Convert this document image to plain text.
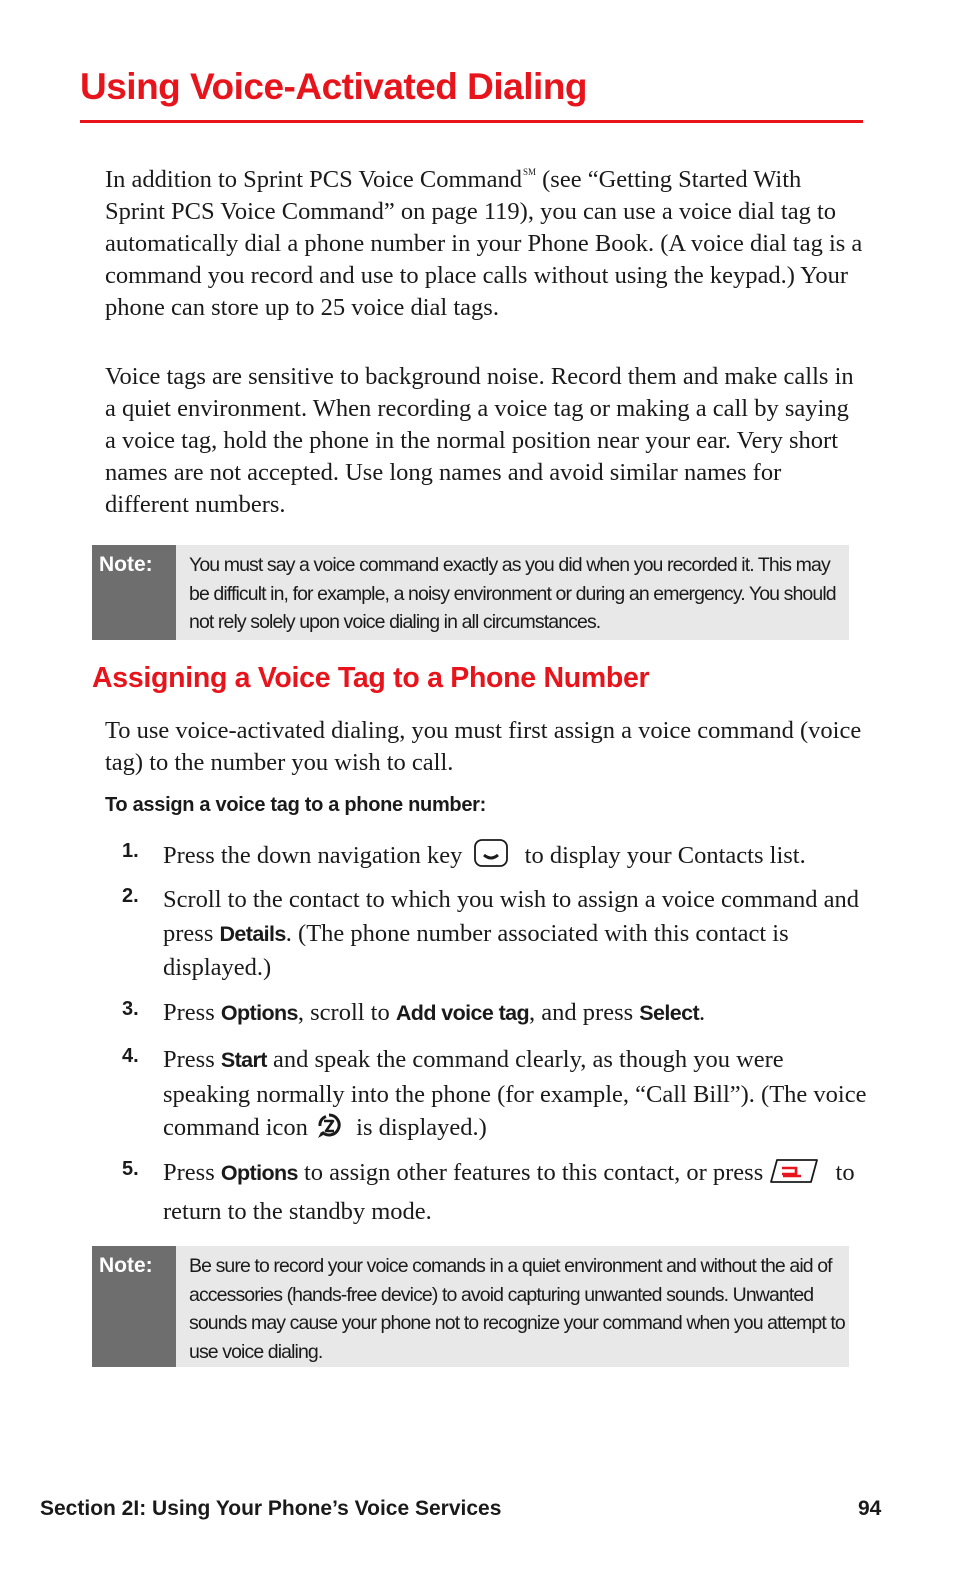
Using Voice-Activated Dialing

In addition to Sprint PCS Voice Command℠ (see “Getting Started With Sprint PCS Voice Command” on page 119), you can use a voice dial tag to automatically dial a phone number in your Phone Book. (A voice dial tag is a command you record and use to place calls without using the keypad.) Your phone can store up to 25 voice dial tags.

Voice tags are sensitive to background noise. Record them and make calls in a quiet environment. When recording a voice tag or making a call by saying a voice tag, hold the phone in the normal position near your ear. Very short names are not accepted. Use long names and avoid similar names for different numbers.

Note:	You must say a voice command exactly as you did when you recorded it. This may be difficult in, for example, a noisy environment or during an emergency. You should not rely solely upon voice dialing in all circumstances.
Assigning a Voice Tag to a Phone Number

To use voice-activated dialing, you must first assign a voice command (voice tag) to the number you wish to call.

To assign a voice tag to a phone number:

1. Press the down navigation key  to display your Contacts list.

2. Scroll to the contact to which you wish to assign a voice command and press Details. (The phone number associated with this contact is displayed.)

3. Press Options, scroll to Add voice tag, and press Select.

4. Press Start and speak the command clearly, as though you were speaking normally into the phone (for example, “Call Bill”). (The voice command icon  is displayed.)

5. Press Options to assign other features to this contact, or press  to return to the standby mode.

Note:	Be sure to record your voice comands in a quiet environment and without the aid of accessories (hands-free device) to avoid capturing unwanted sounds. Unwanted sounds may cause your phone not to recognize your command when you attempt to use voice dialing.
Section 2I: Using Your Phone’s Voice Services	94
